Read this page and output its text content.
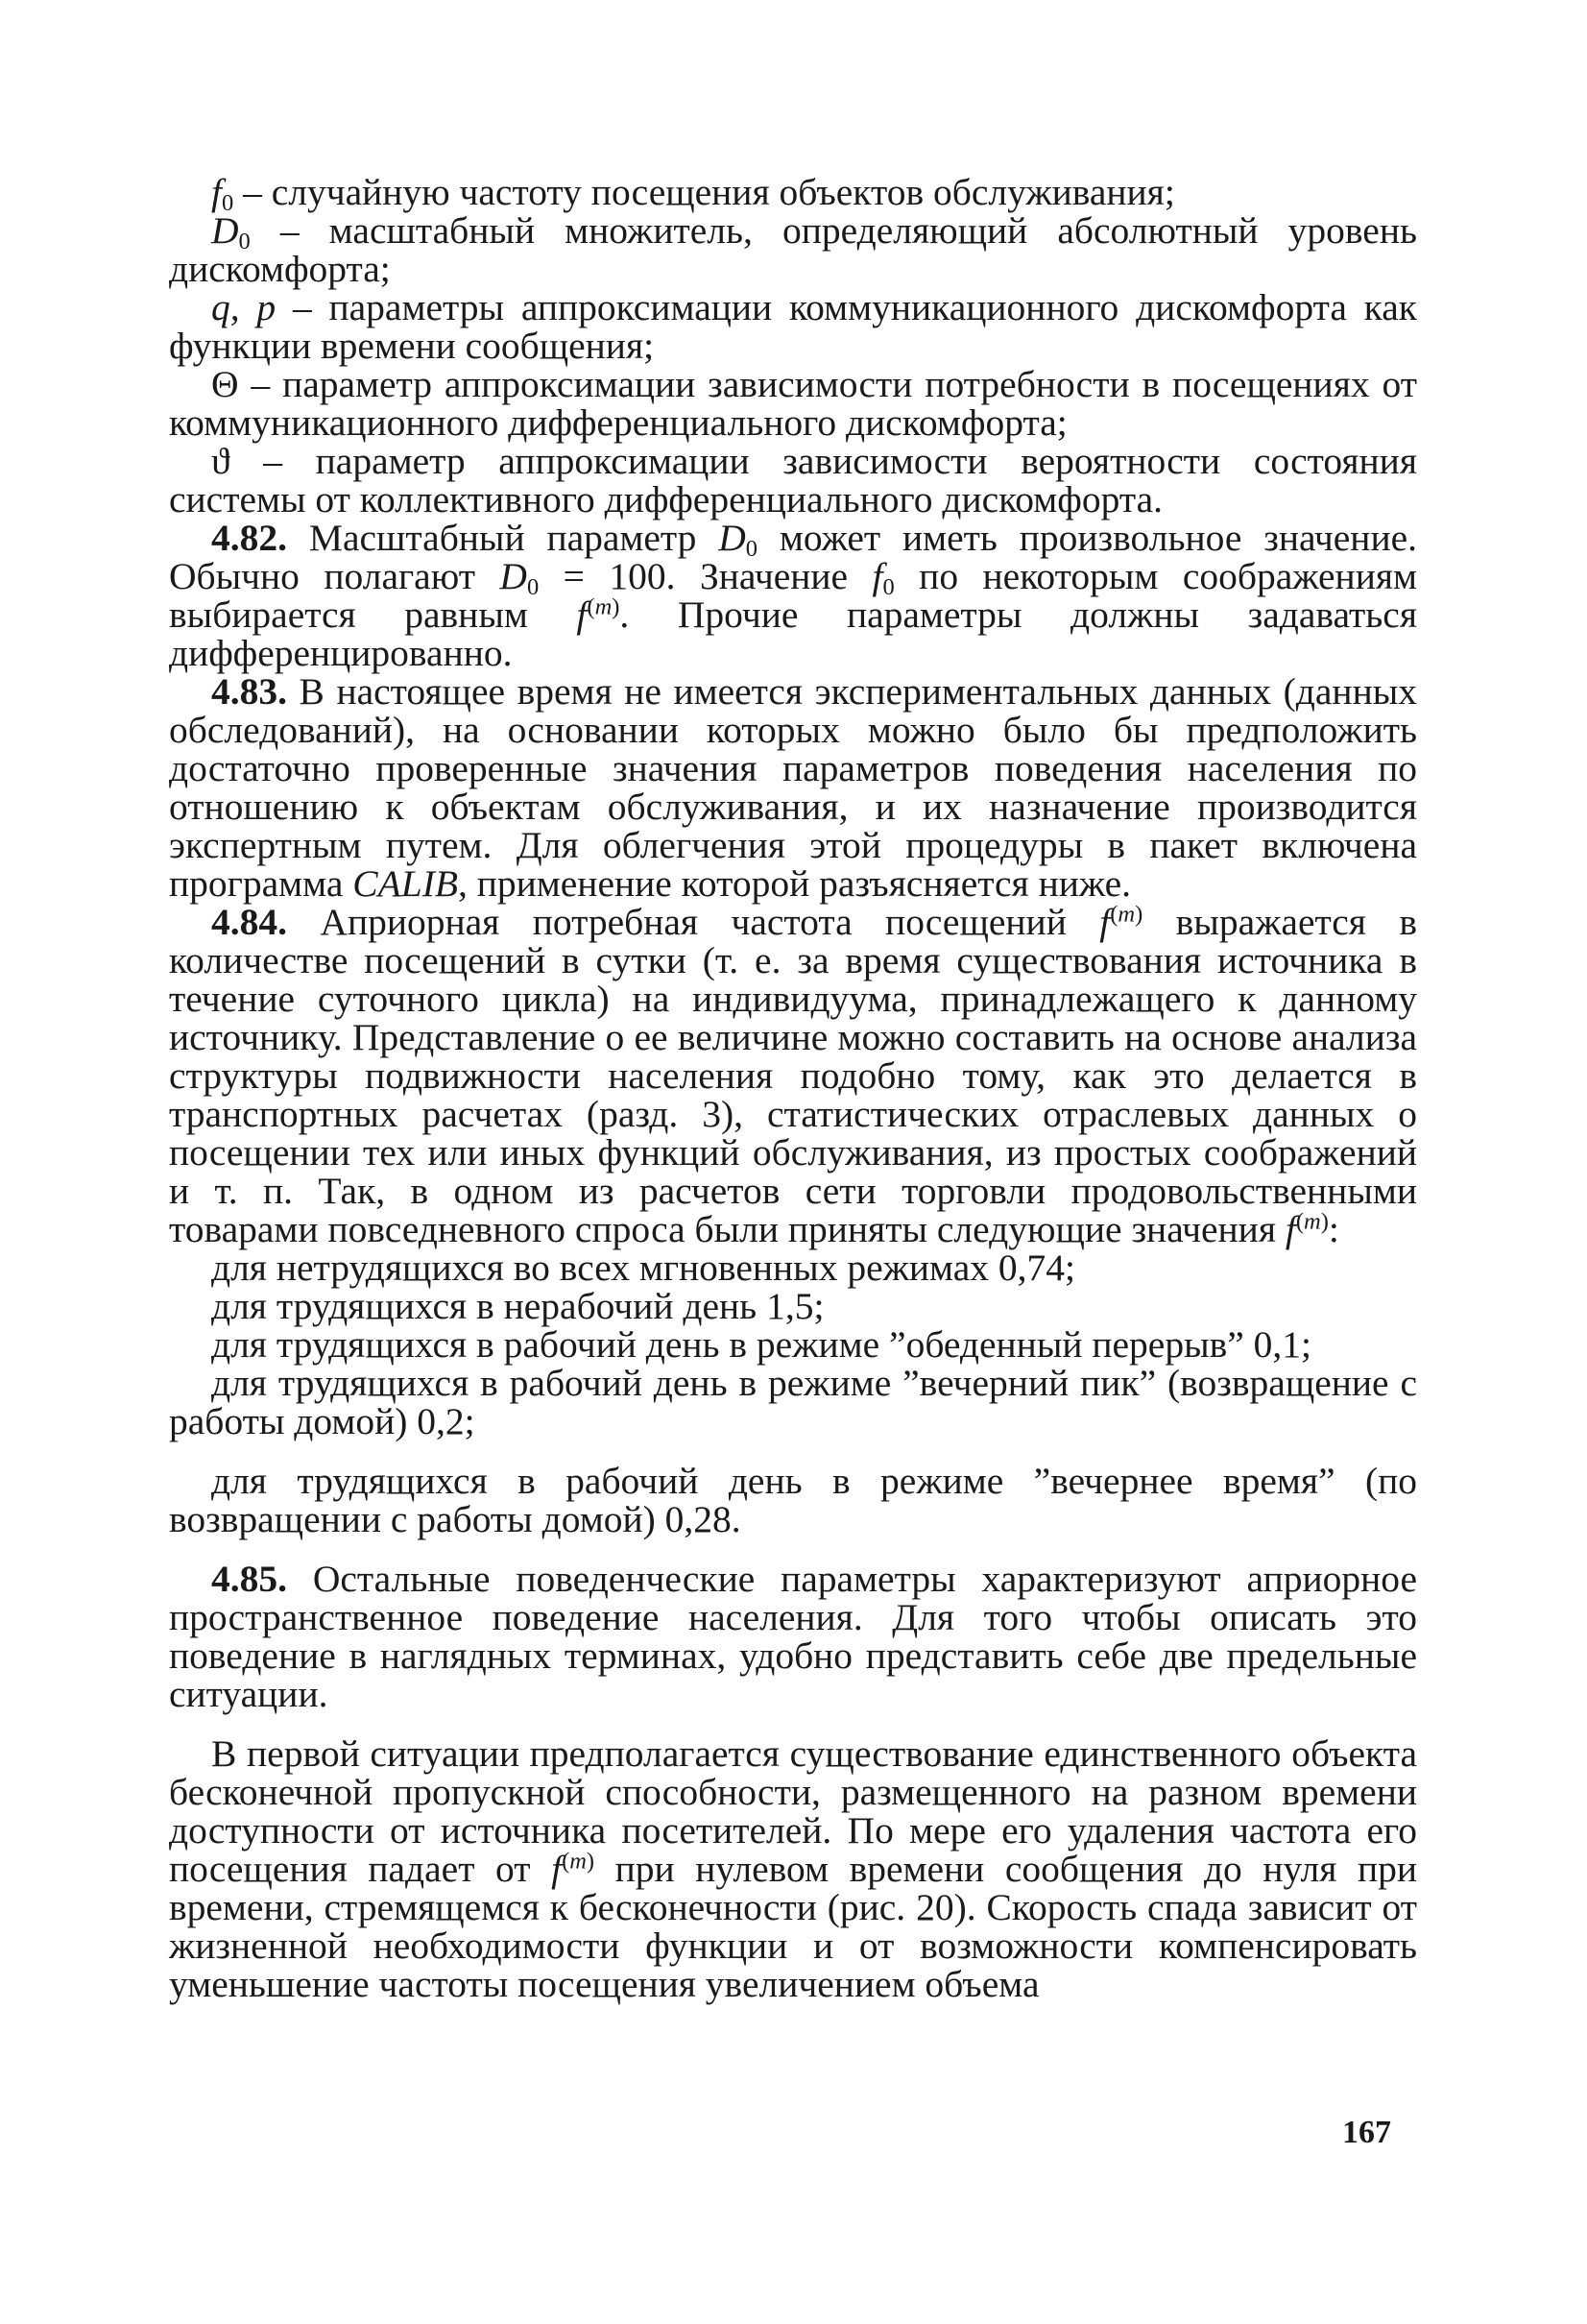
$f_0$ – случайную частоту посещения объектов обслуживания;

$D_0$ – масштабный множитель, определяющий абсолютный уровень дискомфорта;

q, p – параметры аппроксимации коммуникационного дискомфорта как функции времени сообщения;

Θ – параметр аппроксимации зависимости потребности в посещениях от коммуникационного дифференциального дискомфорта;

ϑ – параметр аппроксимации зависимости вероятности состояния системы от коллективного дифференциального дискомфорта.

4.82. Масштабный параметр $D_0$ может иметь произвольное значение. Обычно полагают $D_0 = 100$. Значение $f_0$ по некоторым соображениям выбирается равным $f^{(m)}$. Прочие параметры должны задаваться дифференцированно.

4.83. В настоящее время не имеется экспериментальных данных (данных обследований), на основании которых можно было бы предположить достаточно проверенные значения параметров поведения населения по отношению к объектам обслуживания, и их назначение производится экспертным путем. Для облегчения этой процедуры в пакет включена программа CALIB, применение которой разъясняется ниже.

4.84. Априорная потребная частота посещений $f^{(m)}$ выражается в количестве посещений в сутки (т. е. за время существования источника в течение суточного цикла) на индивидуума, принадлежащего к данному источнику. Представление о ее величине можно составить на основе анализа структуры подвижности населения подобно тому, как это делается в транспортных расчетах (разд. 3), статистических отраслевых данных о посещении тех или иных функций обслуживания, из простых соображений и т. п. Так, в одном из расчетов сети торговли продовольственными товарами повседневного спроса были приняты следующие значения $f^{(m)}$:

для нетрудящихся во всех мгновенных режимах 0,74;

для трудящихся в нерабочий день 1,5;

для трудящихся в рабочий день в режиме ”обеденный перерыв” 0,1;

для трудящихся в рабочий день в режиме ”вечерний пик” (возвращение с работы домой) 0,2;

для трудящихся в рабочий день в режиме ”вечернее время” (по возвращении с работы домой) 0,28.

4.85. Остальные поведенческие параметры характеризуют априорное пространственное поведение населения. Для того чтобы описать это поведение в наглядных терминах, удобно представить себе две предельные ситуации.

В первой ситуации предполагается существование единственного объекта бесконечной пропускной способности, размещенного на разном времени доступности от источника посетителей. По мере его удаления частота его посещения падает от $f^{(m)}$ при нулевом времени сообщения до нуля при времени, стремящемся к бесконечности (рис. 20). Скорость спада зависит от жизненной необходимости функции и от возможности компенсировать уменьшение частоты посещения увеличением объема

167
